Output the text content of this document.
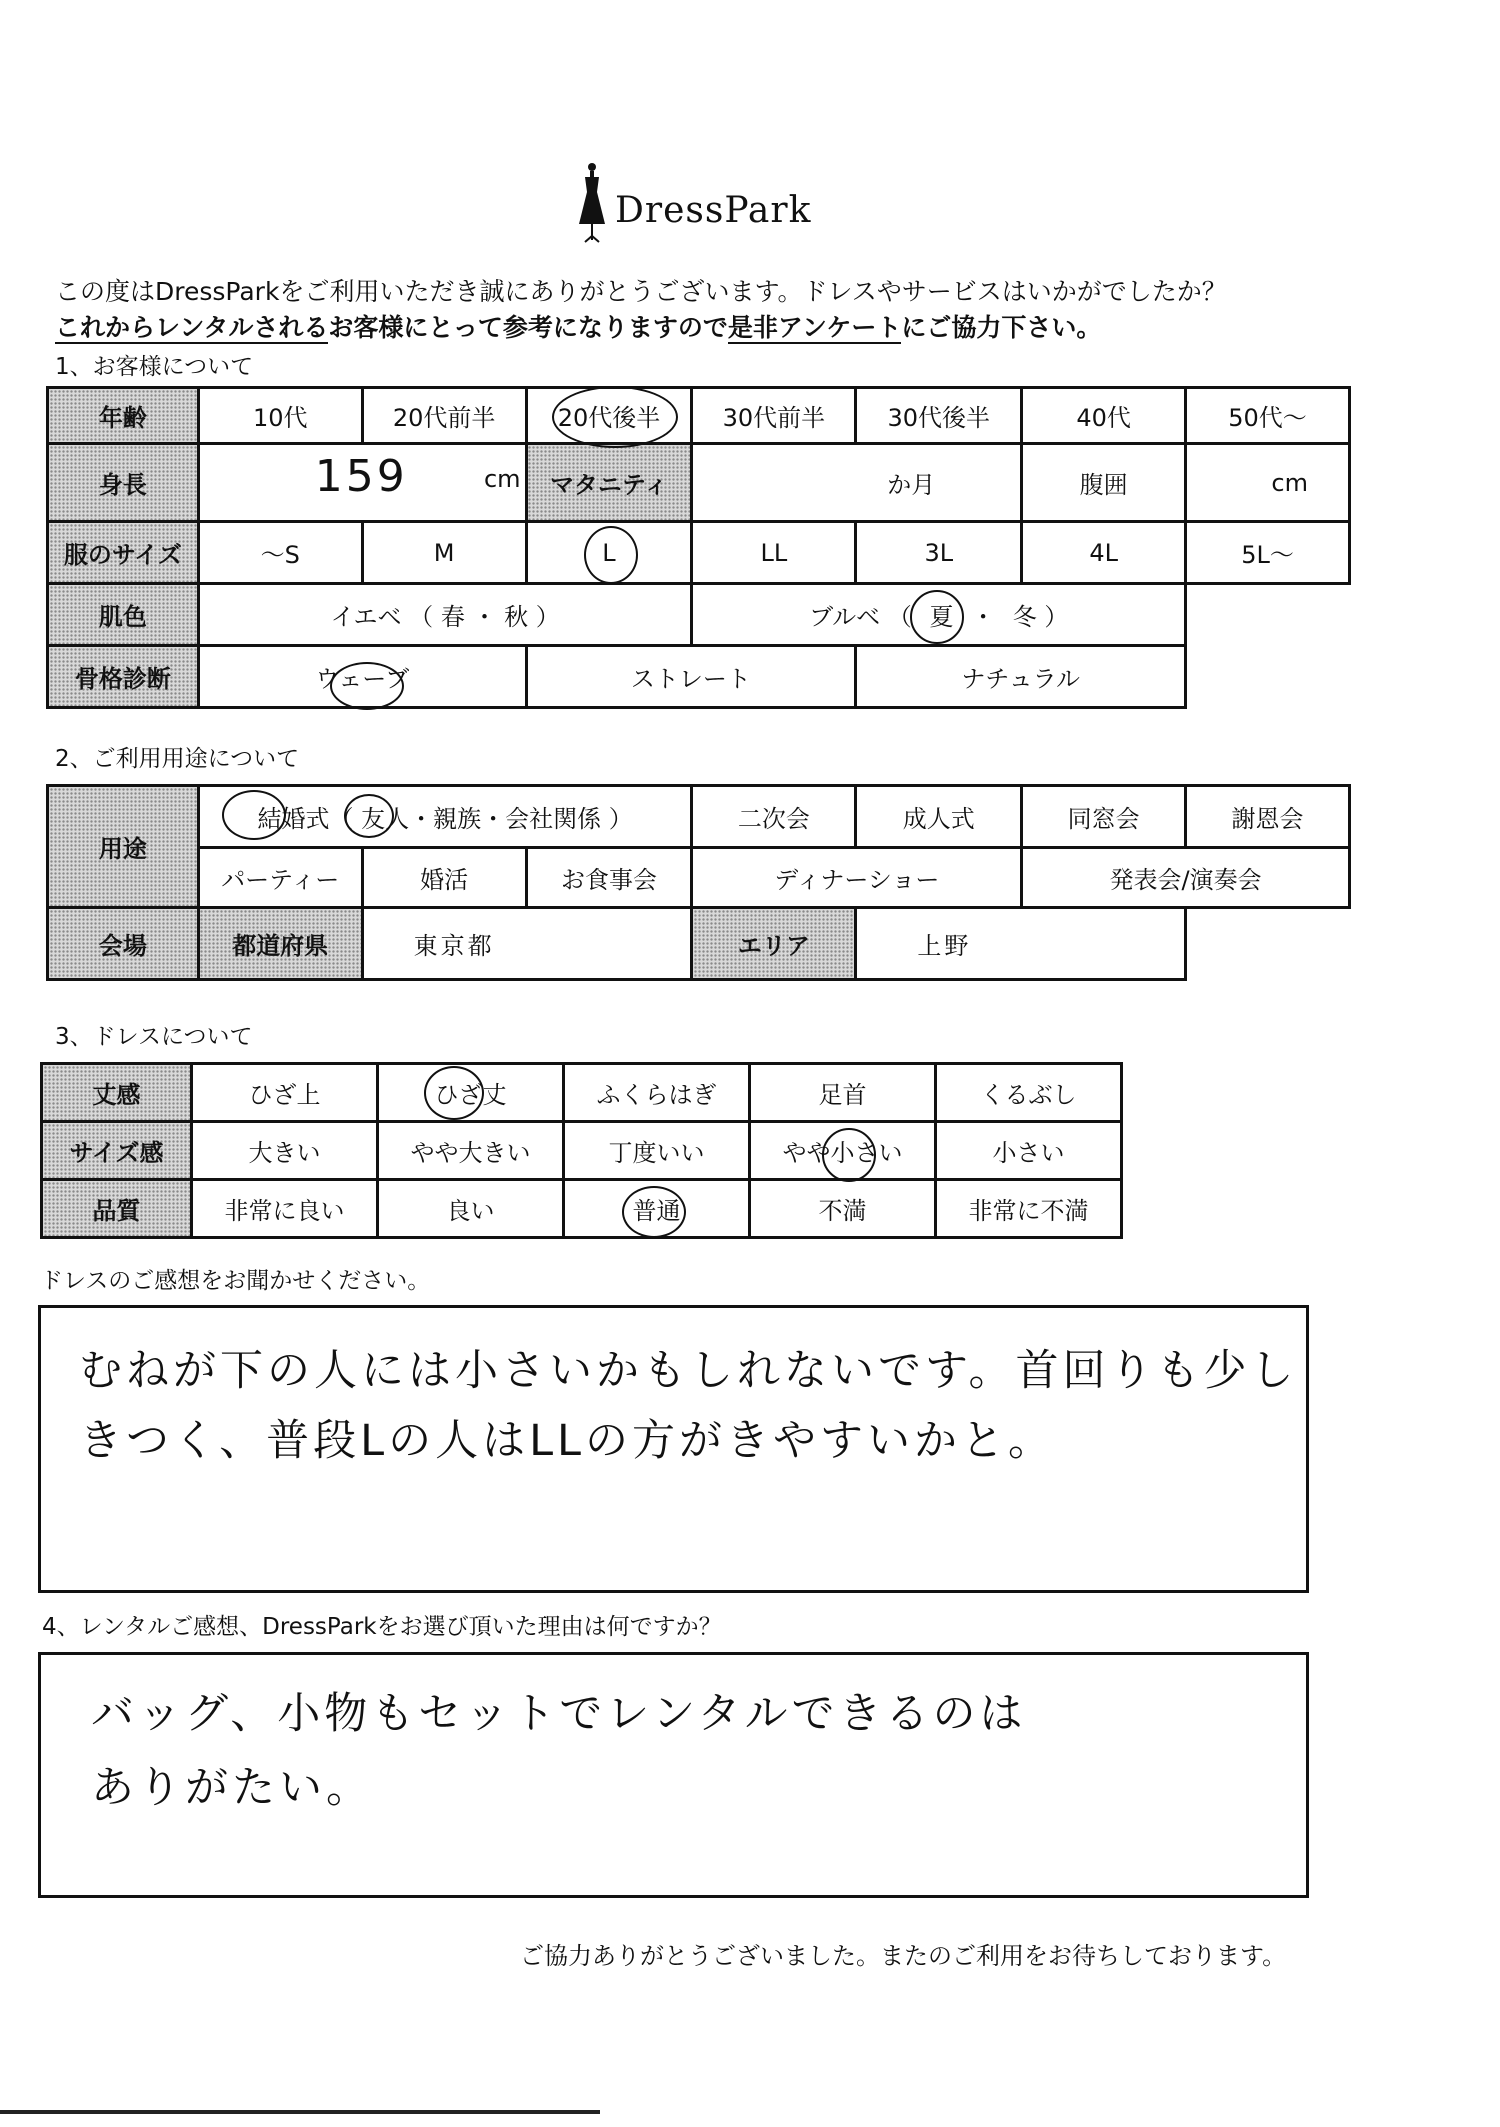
DressPark
この度はDressParkをご利用いただき誠にありがとうございます。ドレスやサービスはいかがでしたか？
これからレンタルされるお客様にとって参考になりますので是非アンケートにご協力下さい。
1、お客様について
年齢	10代	20代前半	20代後半	30代前半	30代後半	40代	50代～
身長	159 cm		マタニティ	か月		腹囲	cm
服のサイズ	～S	M	L	LL	3L	4L	5L～
肌色	イエベ （ 春 ・ 秋 ）			ブルベ （ 夏 ・ 冬 ）			
骨格診断	ウェーブ		ストレート		ナチュラル		
2、ご利用用途について
用途	結婚式（ 友人・親族・会社関係 ）			二次会	成人式	同窓会	謝恩会
	パーティー	婚活	お食事会	ディナーショー		発表会/演奏会	
会場	都道府県	東京都		エリア	上野		
3、ドレスについて
丈感	ひざ上	ひざ丈	ふくらはぎ	足首	くるぶし
サイズ感	大きい	やや大きい	丁度いい	やや小さい	小さい
品質	非常に良い	良い	普通	不満	非常に不満
ドレスのご感想をお聞かせください。
むねが下の人には小さいかもしれないです。首回りも少し
きつく、普段Lの人はLLの方がきやすいかと。
4、レンタルご感想、DressParkをお選び頂いた理由は何ですか？
バッグ、小物もセットでレンタルできるのは
ありがたい。
ご協力ありがとうございました。またのご利用をお待ちしております。
